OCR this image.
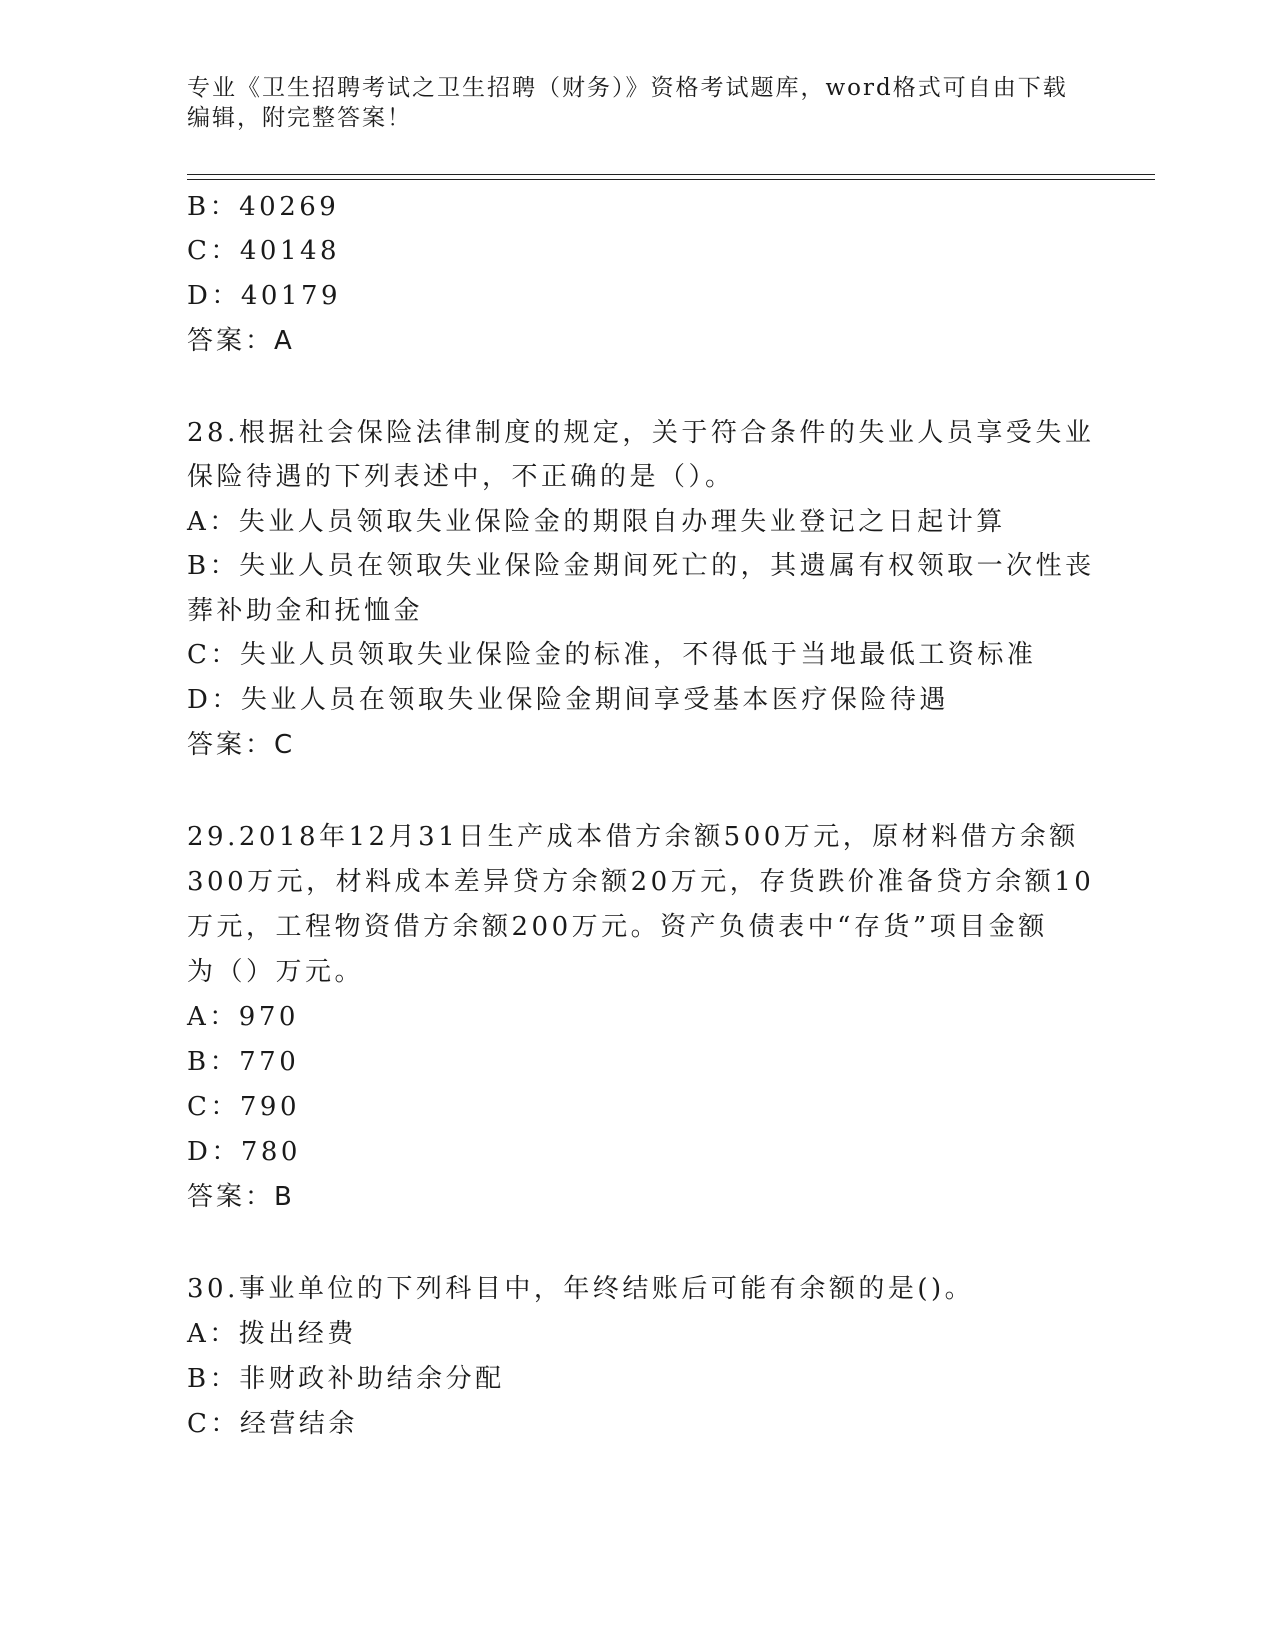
专业《卫生招聘考试之卫生招聘（财务）》资格考试题库，word格式可自由下载
编辑，附完整答案！
B：40269
C：40148
D：40179
答案：A
28.根据社会保险法律制度的规定，关于符合条件的失业人员享受失业
保险待遇的下列表述中，不正确的是（）。
A：失业人员领取失业保险金的期限自办理失业登记之日起计算
B：失业人员在领取失业保险金期间死亡的，其遗属有权领取一次性丧
葬补助金和抚恤金
C：失业人员领取失业保险金的标准，不得低于当地最低工资标准
D：失业人员在领取失业保险金期间享受基本医疗保险待遇
答案：C
29.2018年12月31日生产成本借方余额500万元，原材料借方余额
300万元，材料成本差异贷方余额20万元，存货跌价准备贷方余额10
万元，工程物资借方余额200万元。资产负债表中“存货”项目金额
为（）万元。
A：970
B：770
C：790
D：780
答案：B
30.事业单位的下列科目中，年终结账后可能有余额的是()。
A：拨出经费
B：非财政补助结余分配
C：经营结余
